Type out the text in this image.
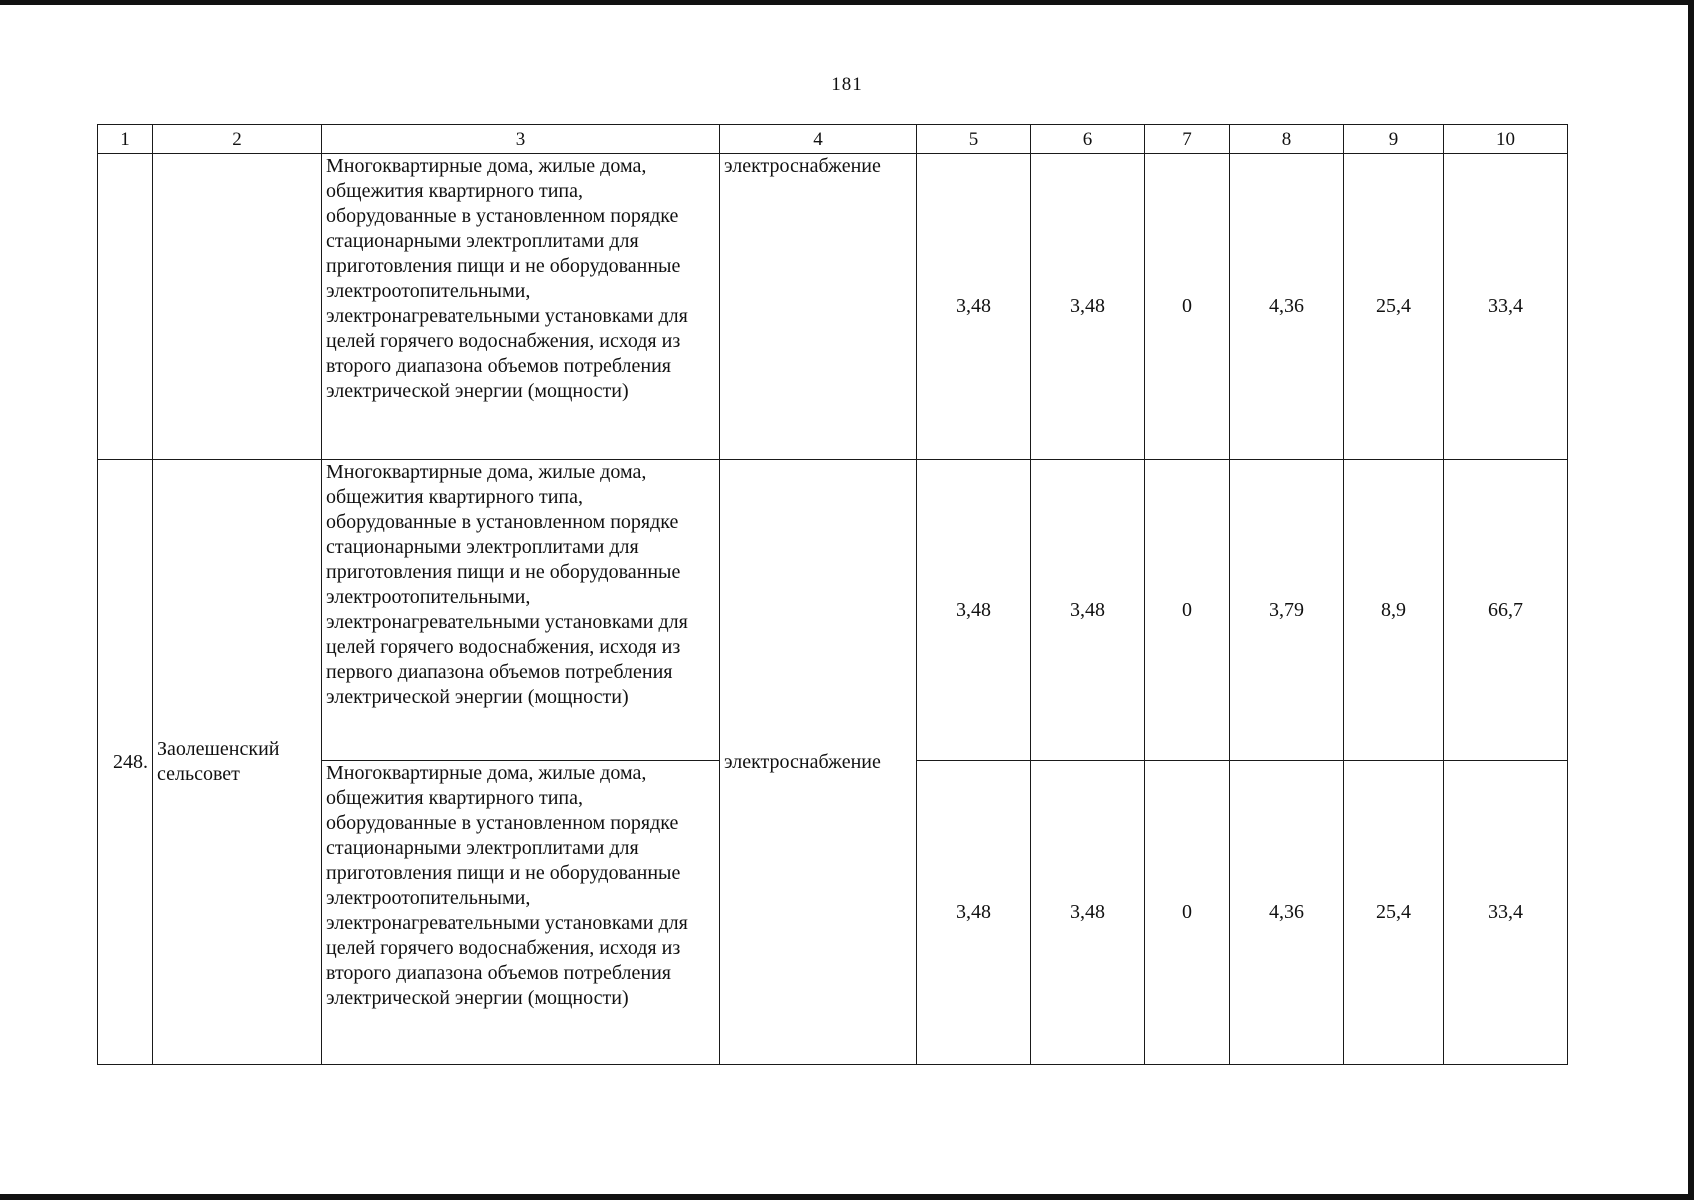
181
1	2	3	4	5	6	7	8	9	10
		Многоквартирные дома, жилые дома, общежития квартирного типа, оборудованные в установленном порядке стационарными электроплитами для приготовления пищи и не оборудованные электроотопительными, электронагревательными установками для целей горячего водоснабжения, исходя из второго диапазона объемов потребления электрической энергии (мощности)	электроснабжение	3,48	3,48	0	4,36	25,4	33,4
248.	Заолешенский сельсовет	Многоквартирные дома, жилые дома, общежития квартирного типа, оборудованные в установленном порядке стационарными электроплитами для приготовления пищи и не оборудованные электроотопительными, электронагревательными установками для целей горячего водоснабжения, исходя из первого диапазона объемов потребления электрической энергии (мощности)	электроснабжение	3,48	3,48	0	3,79	8,9	66,7
		Многоквартирные дома, жилые дома, общежития квартирного типа, оборудованные в установленном порядке стационарными электроплитами для приготовления пищи и не оборудованные электроотопительными, электронагревательными установками для целей горячего водоснабжения, исходя из второго диапазона объемов потребления электрической энергии (мощности)		3,48	3,48	0	4,36	25,4	33,4
